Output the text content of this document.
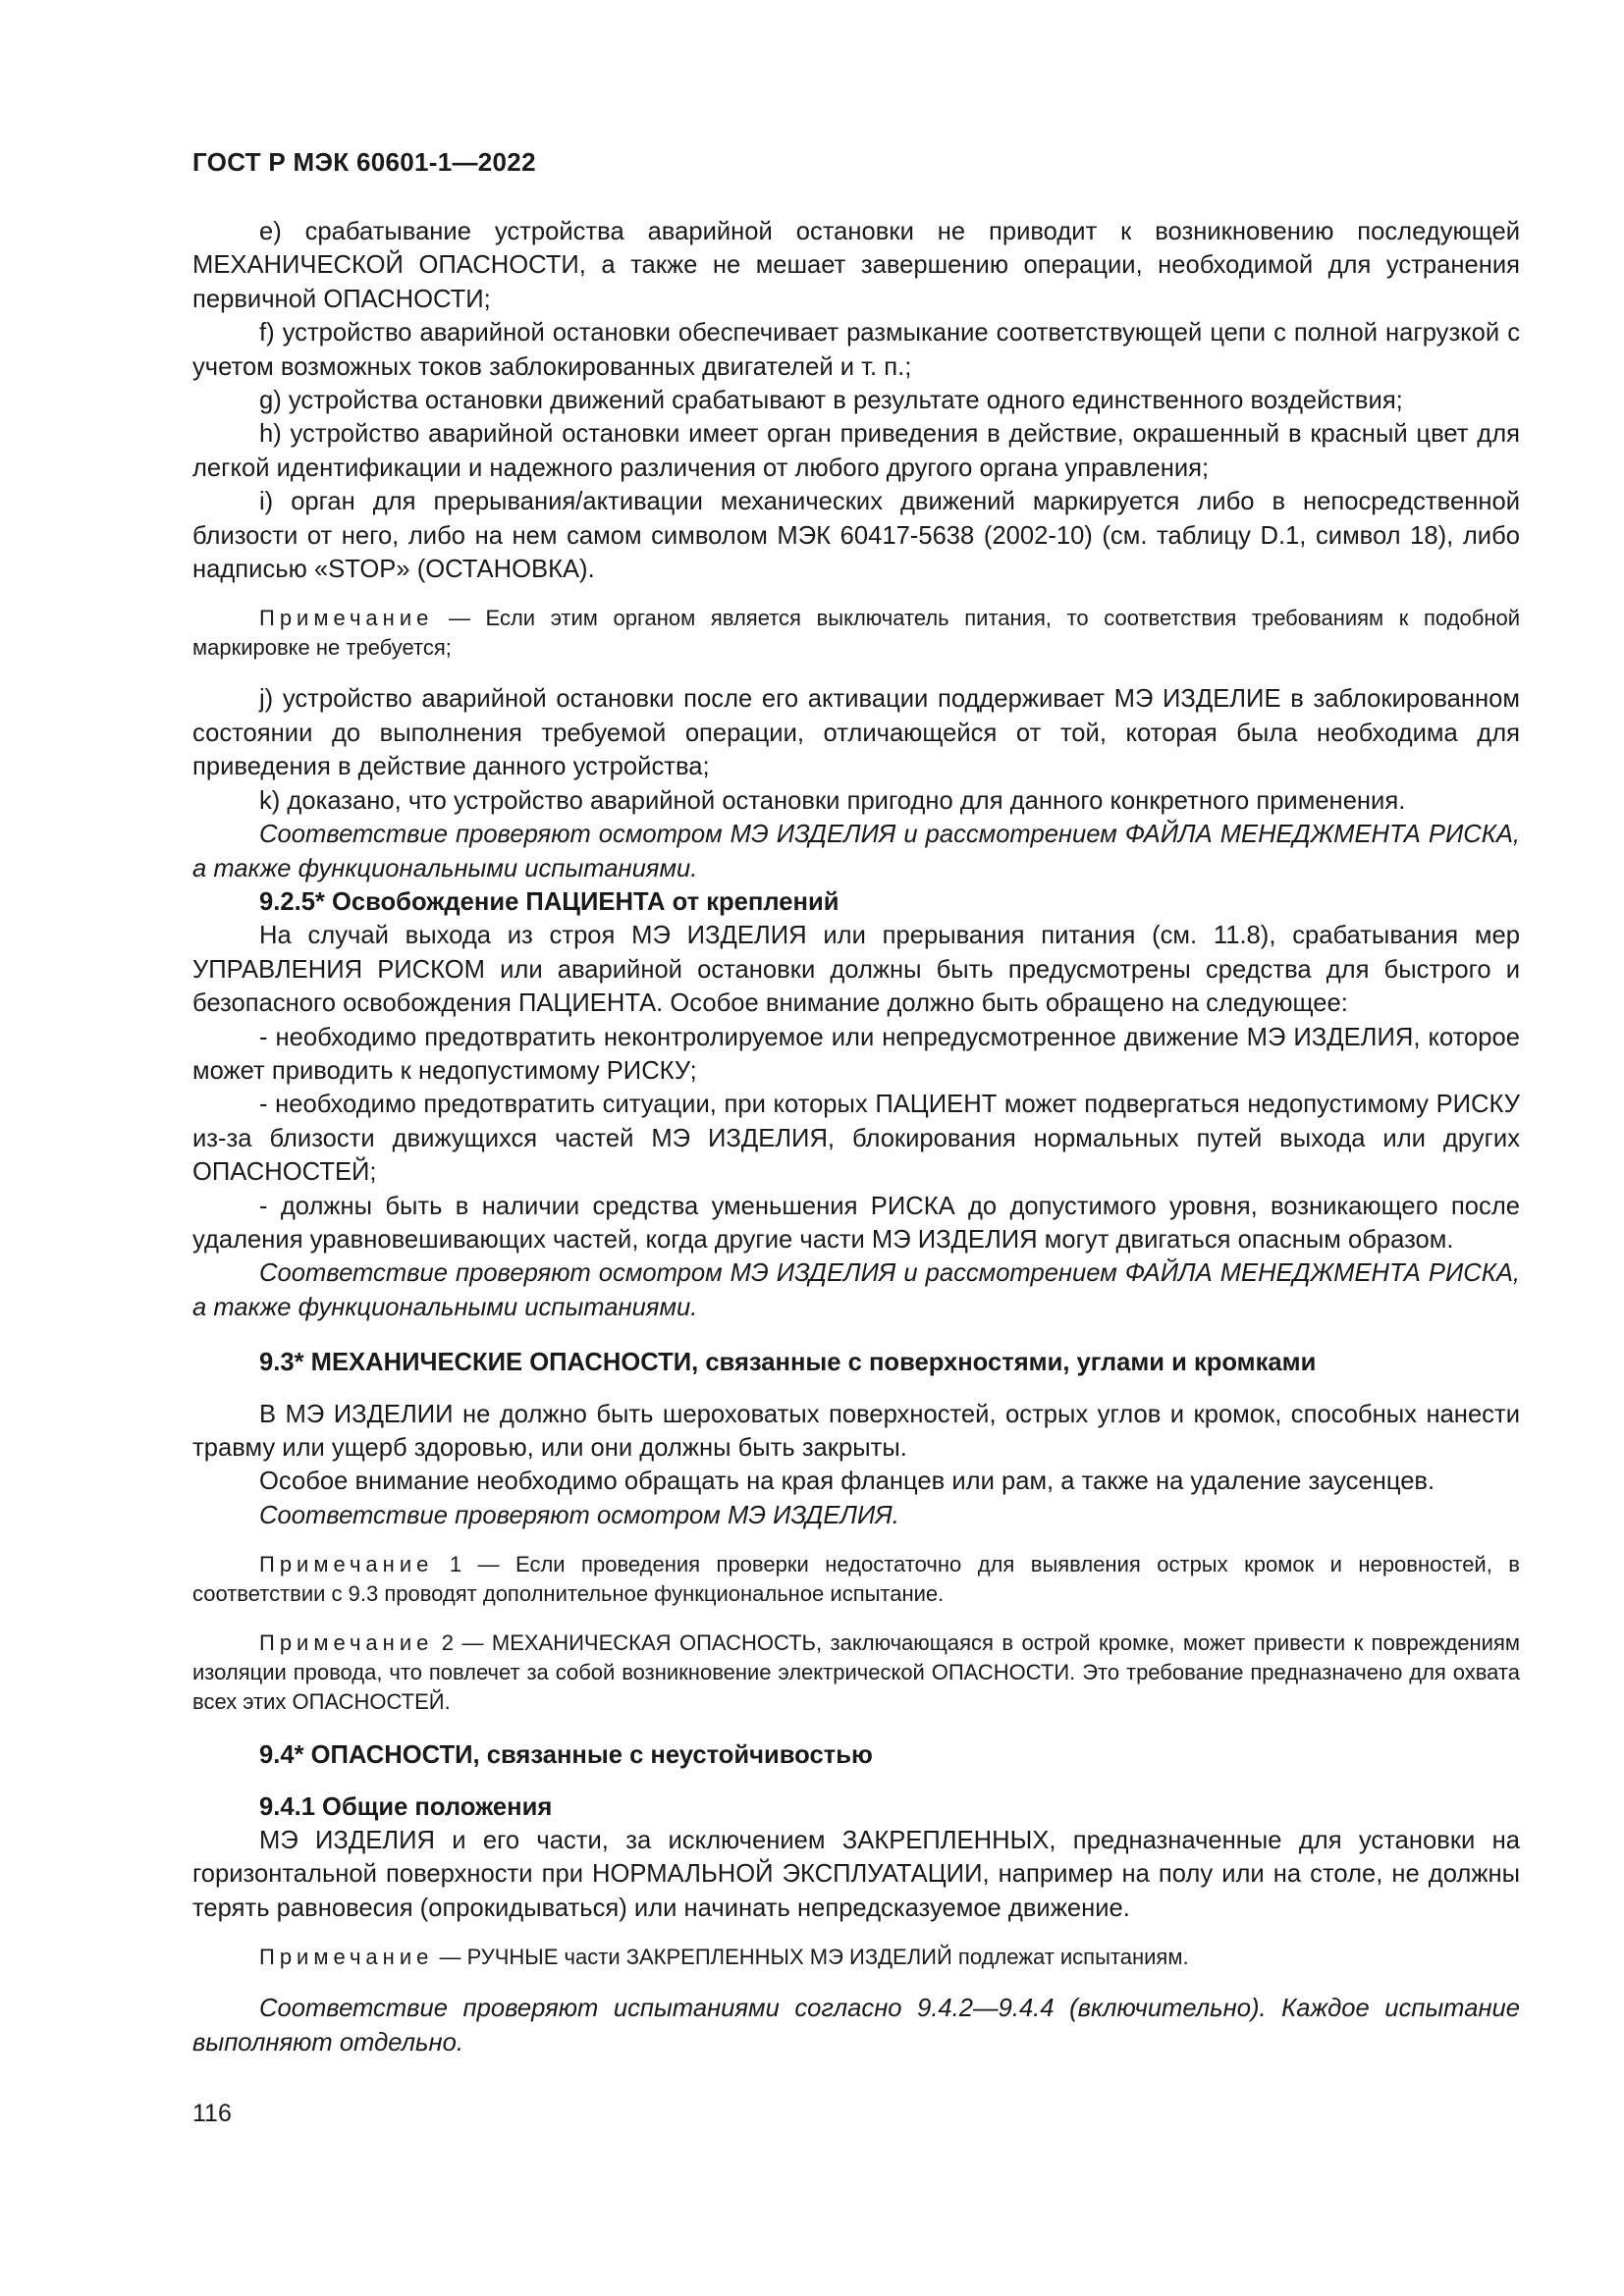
ГОСТ Р МЭК 60601-1—2022

e) срабатывание устройства аварийной остановки не приводит к возникновению последующей МЕХАНИЧЕСКОЙ ОПАСНОСТИ, а также не мешает завершению операции, необходимой для устранения первичной ОПАСНОСТИ;

f) устройство аварийной остановки обеспечивает размыкание соответствующей цепи с полной нагрузкой с учетом возможных токов заблокированных двигателей и т. п.;

g) устройства остановки движений срабатывают в результате одного единственного воздействия;

h) устройство аварийной остановки имеет орган приведения в действие, окрашенный в красный цвет для легкой идентификации и надежного различения от любого другого органа управления;

i) орган для прерывания/активации механических движений маркируется либо в непосредственной близости от него, либо на нем самом символом МЭК 60417-5638 (2002-10) (см. таблицу D.1, символ 18), либо надписью «STOP» (ОСТАНОВКА).

Примечание — Если этим органом является выключатель питания, то соответствия требованиям к подобной маркировке не требуется;

j) устройство аварийной остановки после его активации поддерживает МЭ ИЗДЕЛИЕ в заблокированном состоянии до выполнения требуемой операции, отличающейся от той, которая была необходима для приведения в действие данного устройства;

k) доказано, что устройство аварийной остановки пригодно для данного конкретного применения.

Соответствие проверяют осмотром МЭ ИЗДЕЛИЯ и рассмотрением ФАЙЛА МЕНЕДЖМЕНТА РИСКА, а также функциональными испытаниями.

9.2.5* Освобождение ПАЦИЕНТА от креплений

На случай выхода из строя МЭ ИЗДЕЛИЯ или прерывания питания (см. 11.8), срабатывания мер УПРАВЛЕНИЯ РИСКОМ или аварийной остановки должны быть предусмотрены средства для быстрого и безопасного освобождения ПАЦИЕНТА. Особое внимание должно быть обращено на следующее:

- необходимо предотвратить неконтролируемое или непредусмотренное движение МЭ ИЗДЕЛИЯ, которое может приводить к недопустимому РИСКУ;

- необходимо предотвратить ситуации, при которых ПАЦИЕНТ может подвергаться недопустимому РИСКУ из-за близости движущихся частей МЭ ИЗДЕЛИЯ, блокирования нормальных путей выхода или других ОПАСНОСТЕЙ;

- должны быть в наличии средства уменьшения РИСКА до допустимого уровня, возникающего после удаления уравновешивающих частей, когда другие части МЭ ИЗДЕЛИЯ могут двигаться опасным образом.

Соответствие проверяют осмотром МЭ ИЗДЕЛИЯ и рассмотрением ФАЙЛА МЕНЕДЖМЕНТА РИСКА, а также функциональными испытаниями.

9.3* МЕХАНИЧЕСКИЕ ОПАСНОСТИ, связанные с поверхностями, углами и кромками

В МЭ ИЗДЕЛИИ не должно быть шероховатых поверхностей, острых углов и кромок, способных нанести травму или ущерб здоровью, или они должны быть закрыты.

Особое внимание необходимо обращать на края фланцев или рам, а также на удаление заусенцев.

Соответствие проверяют осмотром МЭ ИЗДЕЛИЯ.

Примечание 1 — Если проведения проверки недостаточно для выявления острых кромок и неровностей, в соответствии с 9.3 проводят дополнительное функциональное испытание.
Примечание 2 — МЕХАНИЧЕСКАЯ ОПАСНОСТЬ, заключающаяся в острой кромке, может привести к повреждениям изоляции провода, что повлечет за собой возникновение электрической ОПАСНОСТИ. Это требование предназначено для охвата всех этих ОПАСНОСТЕЙ.

9.4* ОПАСНОСТИ, связанные с неустойчивостью

9.4.1 Общие положения

МЭ ИЗДЕЛИЯ и его части, за исключением ЗАКРЕПЛЕННЫХ, предназначенные для установки на горизонтальной поверхности при НОРМАЛЬНОЙ ЭКСПЛУАТАЦИИ, например на полу или на столе, не должны терять равновесия (опрокидываться) или начинать непредсказуемое движение.

Примечание — РУЧНЫЕ части ЗАКРЕПЛЕННЫХ МЭ ИЗДЕЛИЙ подлежат испытаниям.

Соответствие проверяют испытаниями согласно 9.4.2—9.4.4 (включительно). Каждое испытание выполняют отдельно.

116
